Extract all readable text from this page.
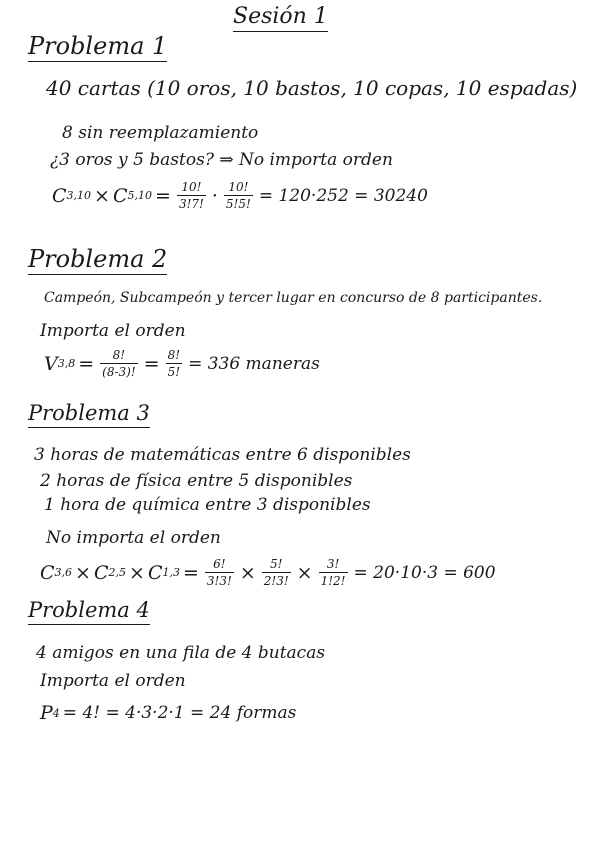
Sesión 1
Problema 1
40 cartas (10 oros, 10 bastos, 10 copas, 10 espadas)
8 sin reemplazamiento
¿3 oros y 5 bastos? ⇒ No importa orden
C 3,10 × C $5,10 = \frac{10!}{3!7!} \cdot \frac{10!}{5!5!} = 120\cdot 252 = 30240$
Problema 2
Campeón, Subcampeón y tercer lugar en concurso de 8 participantes.
Importa el orden
V $3,8 = \frac{8!}{(8-3)!} = \frac{8!}{5!} = 336$ maneras
Problema 3
3 horas de matemáticas entre 6 disponibles
2 horas de física entre 5 disponibles
1 hora de química entre 3 disponibles
No importa el orden
C 3,6 × C 2,5 × C $1,3 = \frac{6!}{3!3!} \times \frac{5!}{2!3!} \times \frac{3!}{1!2!} = 20\cdot 10\cdot 3 = 600$
Problema 4
4 amigos en una fila de 4 butacas
Importa el orden
P 4 = 4! = 4·3·2·1 = 24 formas
